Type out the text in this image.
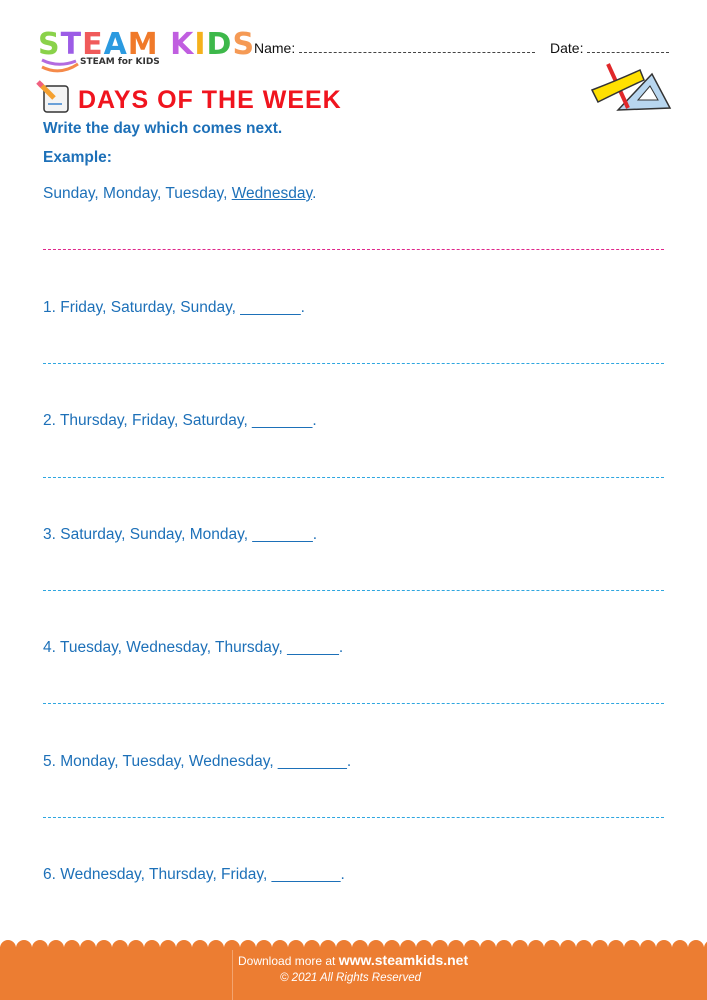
STEAM KIDS
STEAM for KIDS
Name:	Date:
DAYS OF THE WEEK
Write the day which comes next.
Example:
Sunday, Monday, Tuesday, Wednesday.
1. Friday, Saturday, Sunday, _______.
2. Thursday, Friday, Saturday, _______.
3. Saturday, Sunday, Monday, _______.
4. Tuesday, Wednesday, Thursday, ______.
5. Monday, Tuesday, Wednesday, ________.
6. Wednesday, Thursday, Friday, ________.
Download more at www.steamkids.net
© 2021 All Rights Reserved
